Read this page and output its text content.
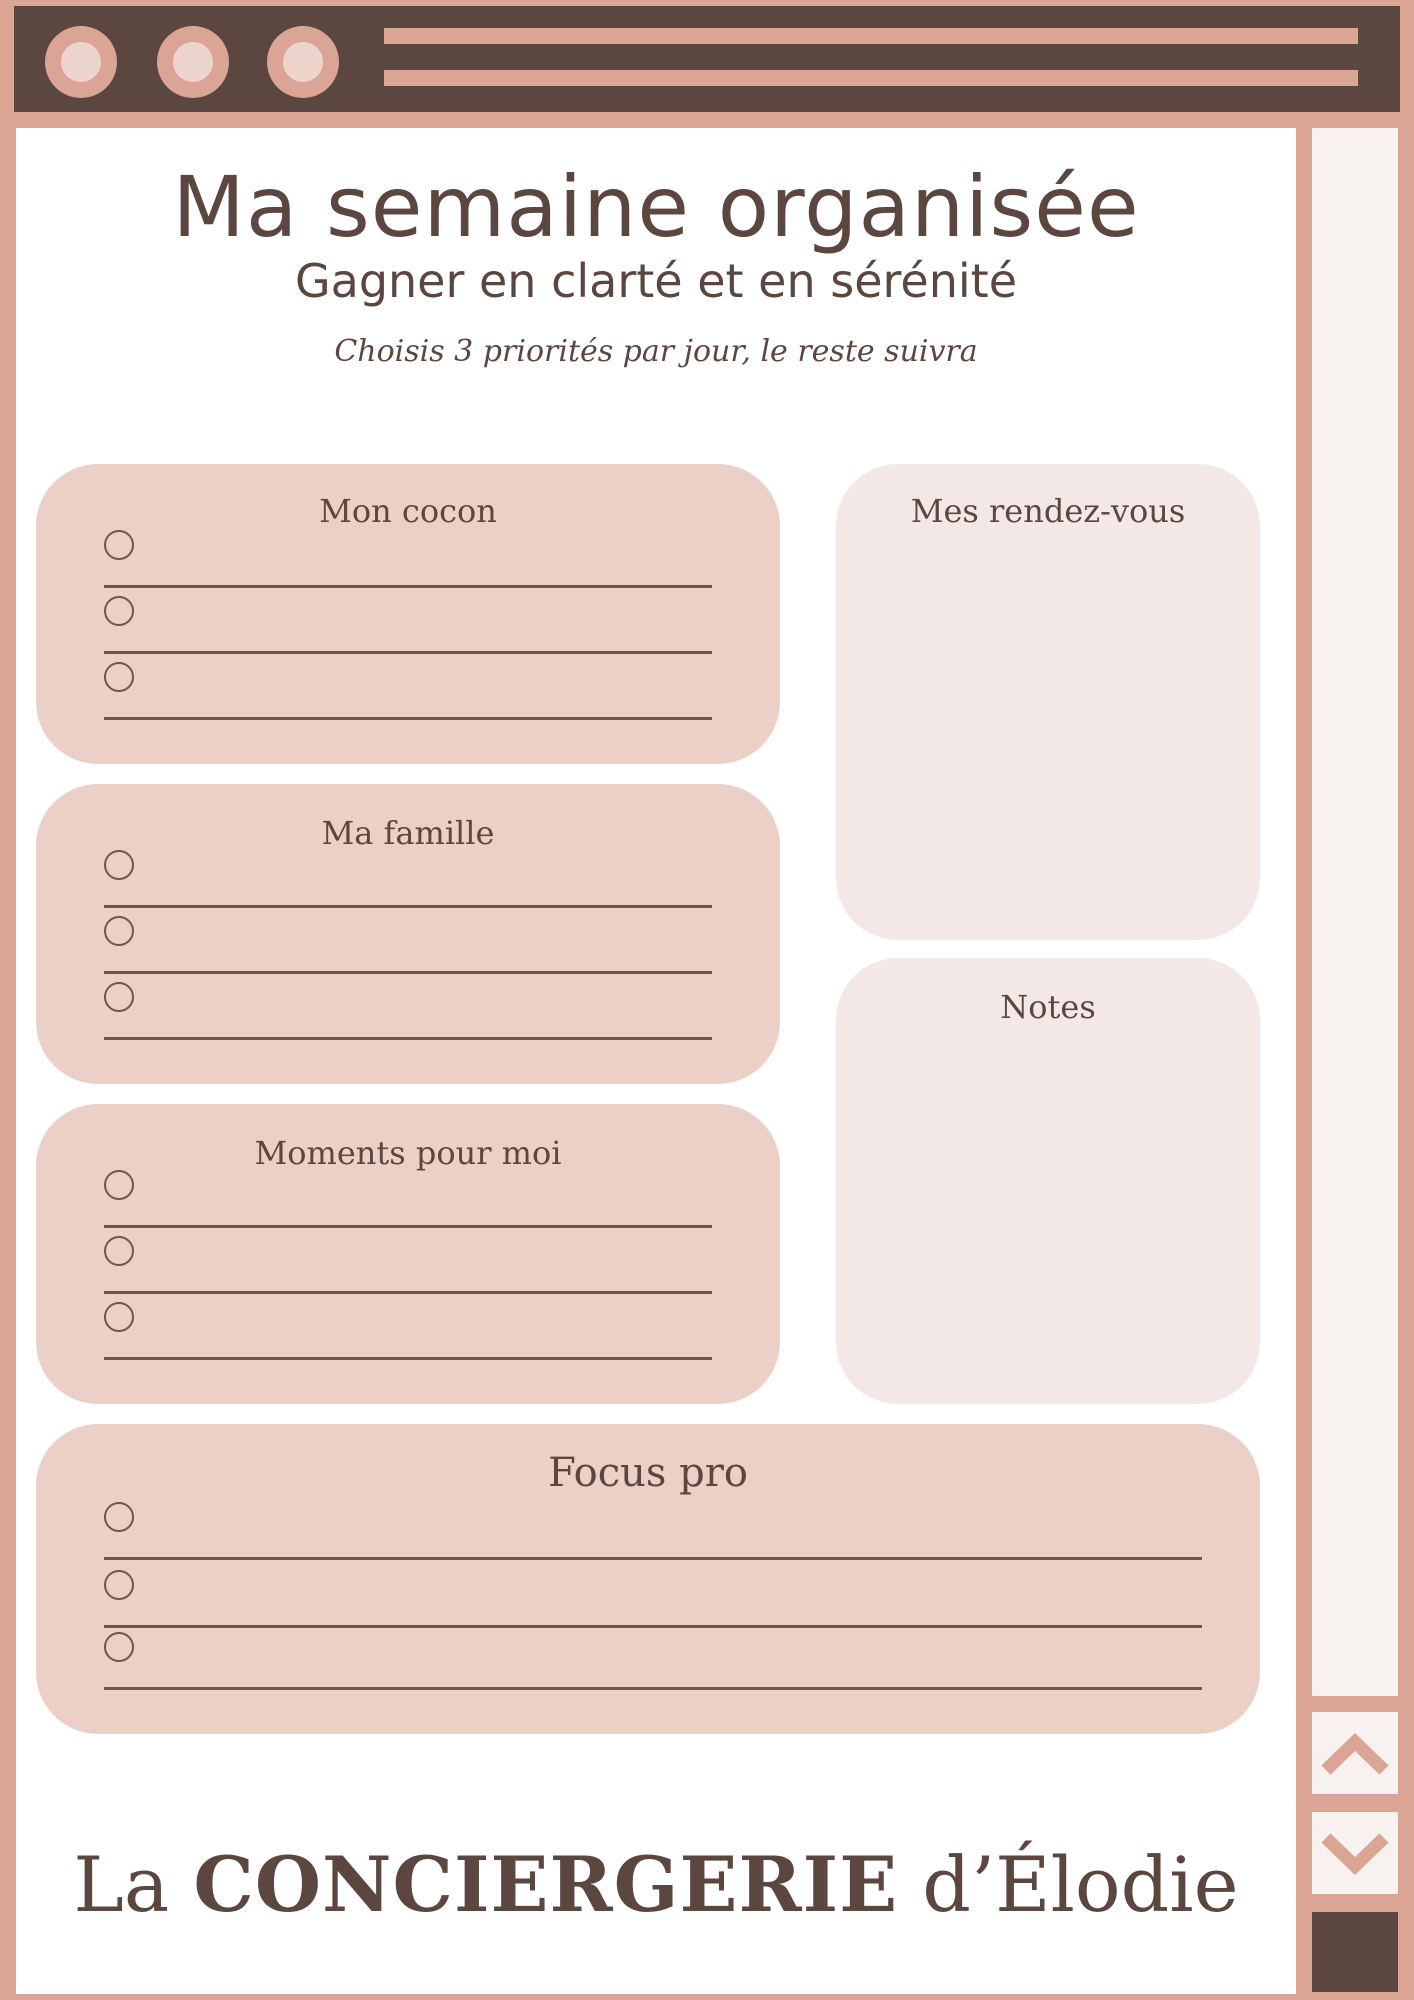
Ma semaine organisée
Gagner en clarté et en sérénité
Choisis 3 priorités par jour, le reste suivra
Mon cocon
Ma famille
Moments pour moi
Mes rendez-vous
Notes
Focus pro
La CONCIERGERIE d’Élodie
